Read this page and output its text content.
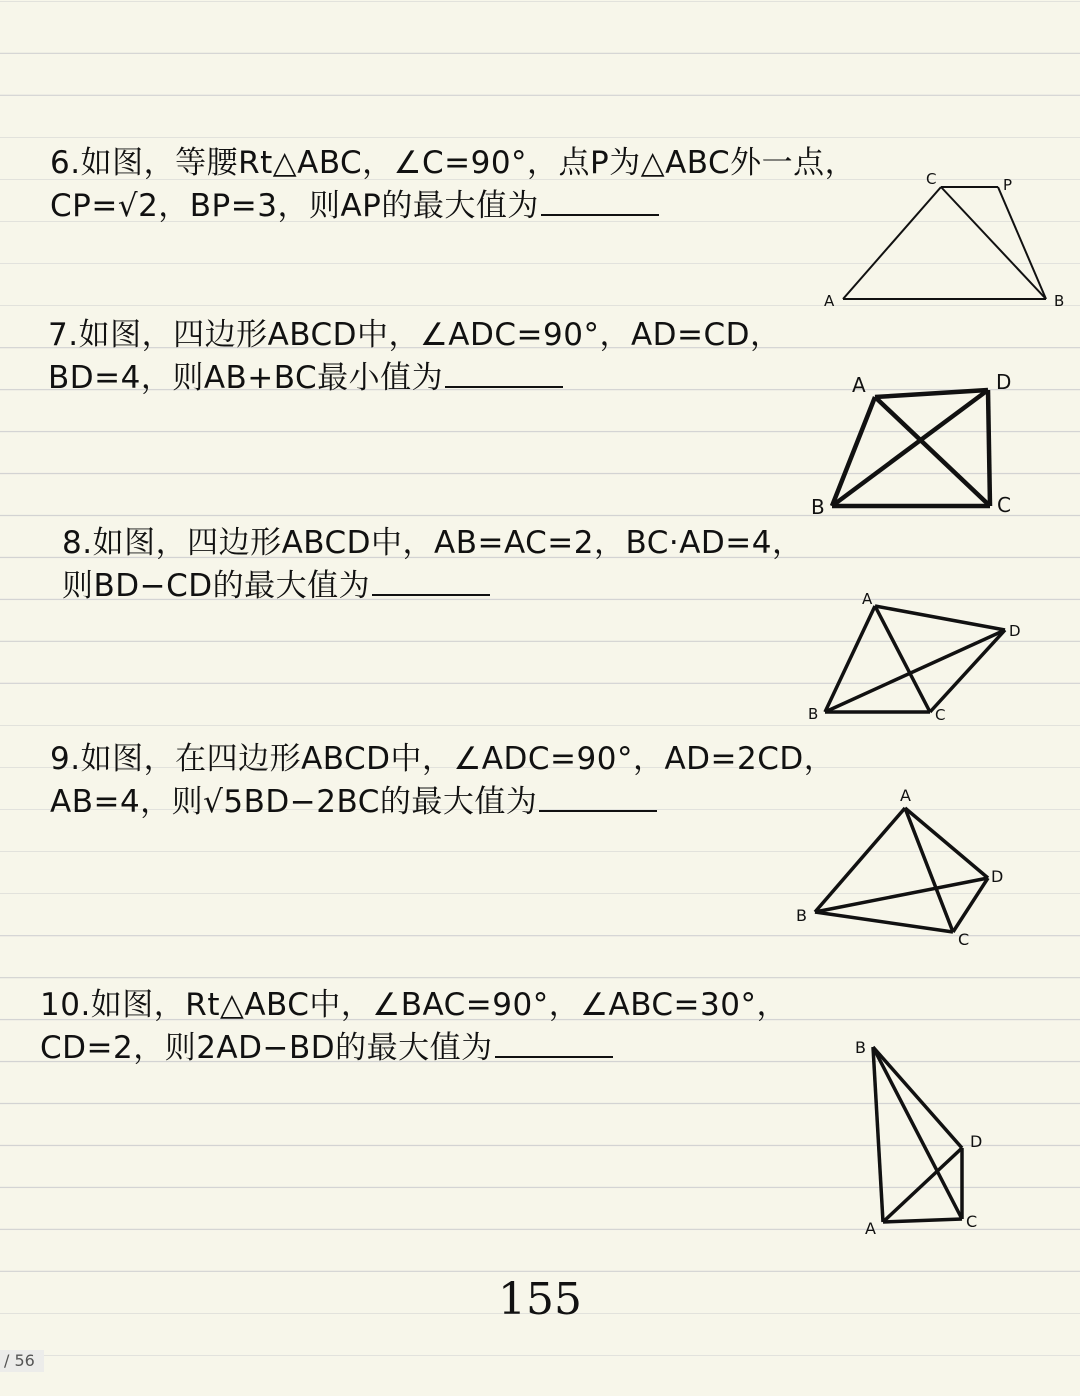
6.如图，等腰Rt△ABC，∠C=90°，点P为△ABC外一点，
CP=√2，BP=3，则AP的最大值为
A	B
C	P
7.如图，四边形ABCD中，∠ADC=90°，AD=CD，
BD=4，则AB+BC最小值为	A	D
B	C
8.如图，四边形ABCD中，AB=AC=2，BC·AD=4，
则BD−CD的最大值为	A
D
B	C
9.如图，在四边形ABCD中，∠ADC=90°，AD=2CD，
AB=4，则√5BD−2BC的最大值为	A
D
B
C
10.如图，Rt△ABC中，∠BAC=90°，∠ABC=30°，
CD=2，则2AD−BD的最大值为	B
D
A	C
155
/ 56
